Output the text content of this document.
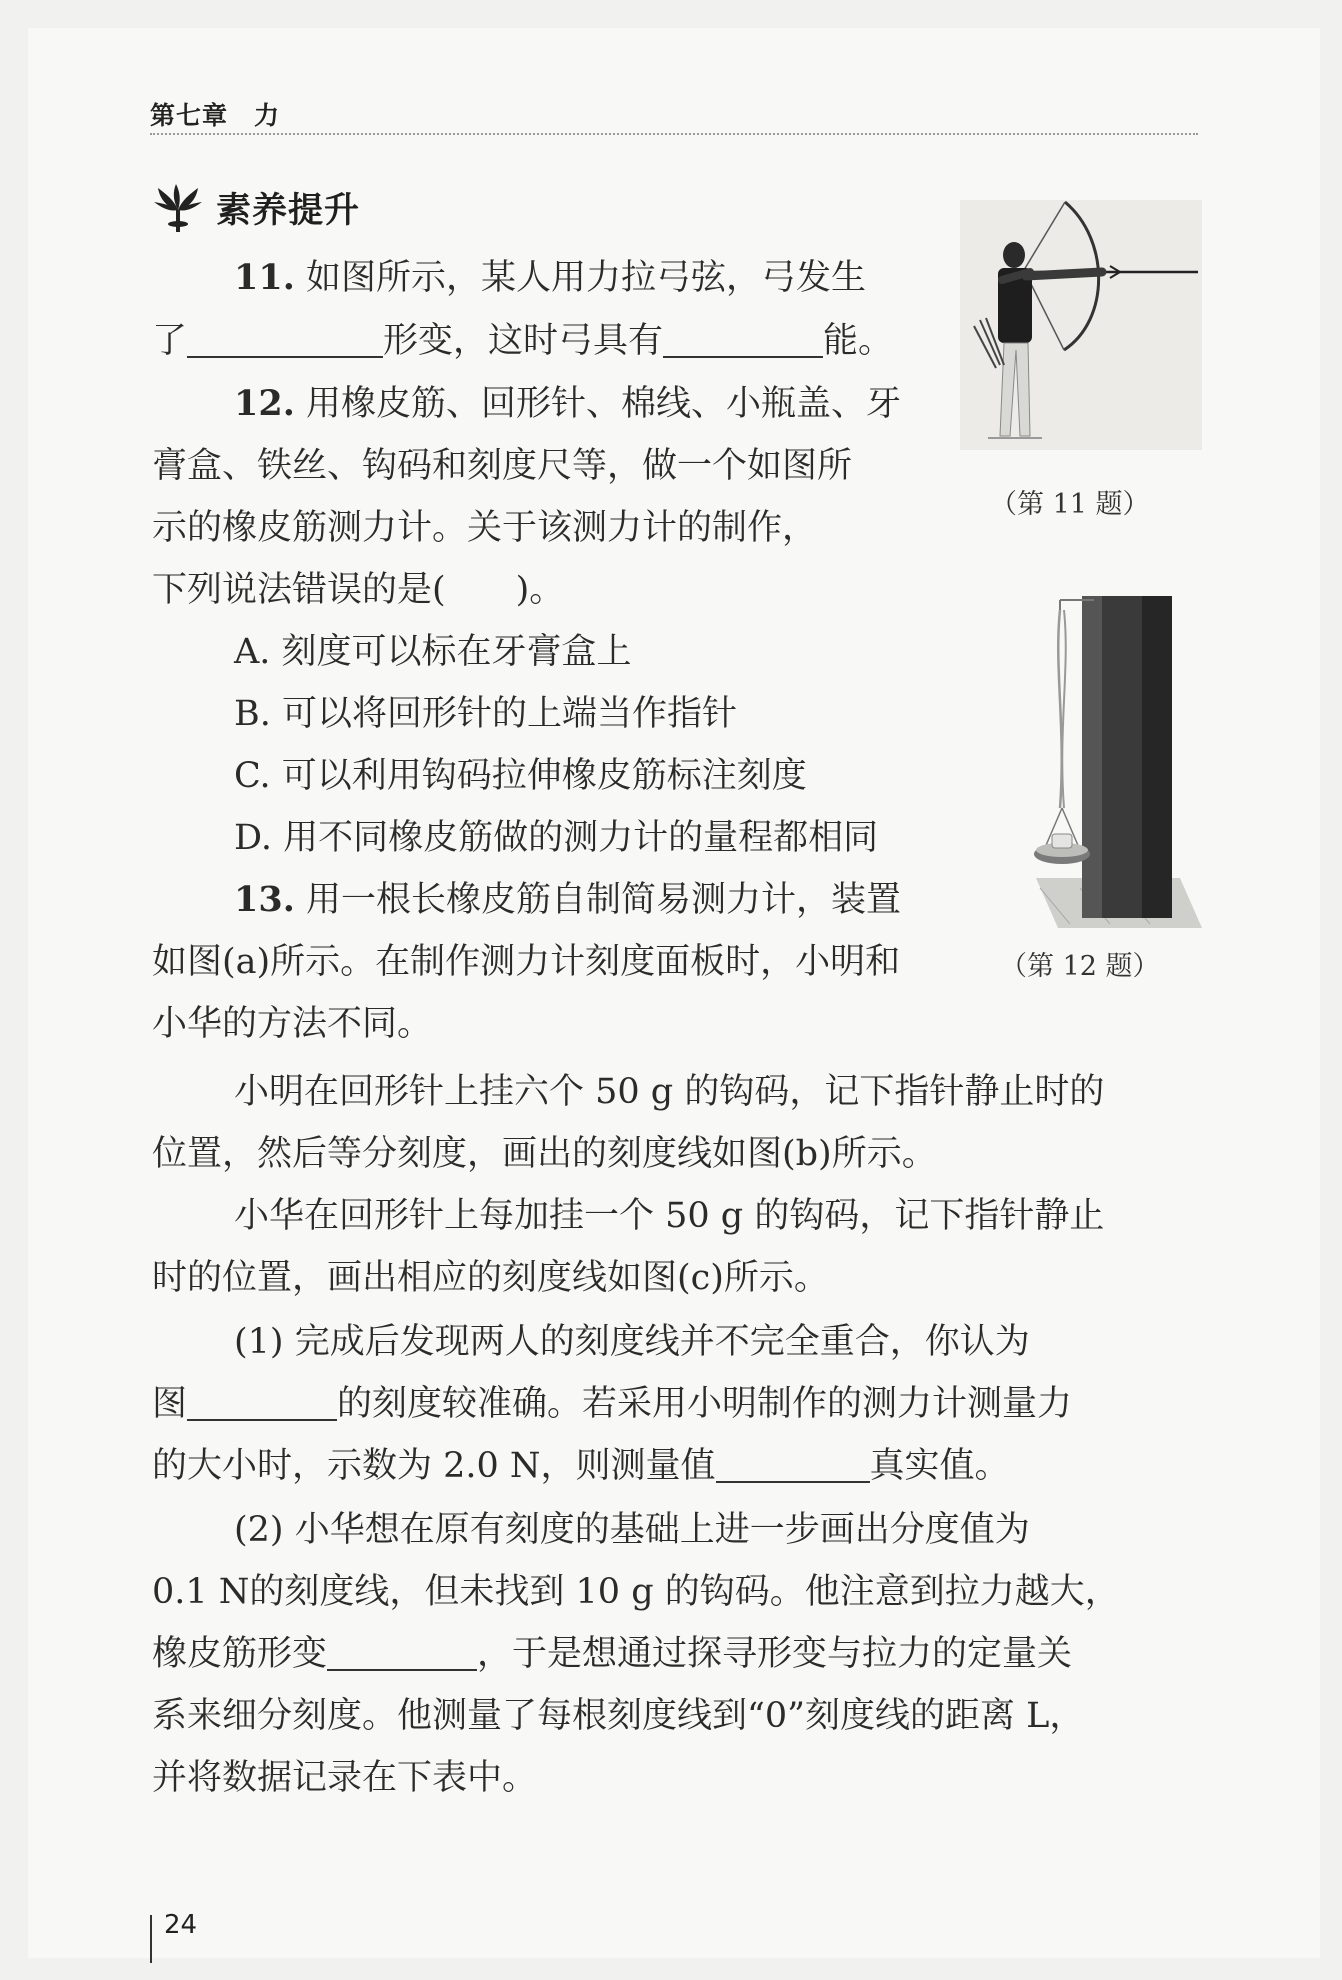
第七章　力
素养提升
11. 如图所示，某人用力拉弓弦，弓发生
了	形变，这时弓具有	能。
（第 11 题）
12. 用橡皮筋、回形针、棉线、小瓶盖、牙
膏盒、铁丝、钩码和刻度尺等，做一个如图所
示的橡皮筋测力计。关于该测力计的制作，
下列说法错误的是(　　)。
A. 刻度可以标在牙膏盒上
B. 可以将回形针的上端当作指针
C. 可以利用钩码拉伸橡皮筋标注刻度
D. 用不同橡皮筋做的测力计的量程都相同
（第 12 题）
13. 用一根长橡皮筋自制简易测力计，装置
如图(a)所示。在制作测力计刻度面板时，小明和
小华的方法不同。
小明在回形针上挂六个 50 g 的钩码，记下指针静止时的
位置，然后等分刻度，画出的刻度线如图(b)所示。
小华在回形针上每加挂一个 50 g 的钩码，记下指针静止
时的位置，画出相应的刻度线如图(c)所示。
(1) 完成后发现两人的刻度线并不完全重合，你认为
图	的刻度较准确。若采用小明制作的测力计测量力
的大小时，示数为 2.0 N，则测量值	真实值。
(2) 小华想在原有刻度的基础上进一步画出分度值为
0.1 N的刻度线，但未找到 10 g 的钩码。他注意到拉力越大，
橡皮筋形变	，于是想通过探寻形变与拉力的定量关
系来细分刻度。他测量了每根刻度线到“0”刻度线的距离 L，
并将数据记录在下表中。
24
